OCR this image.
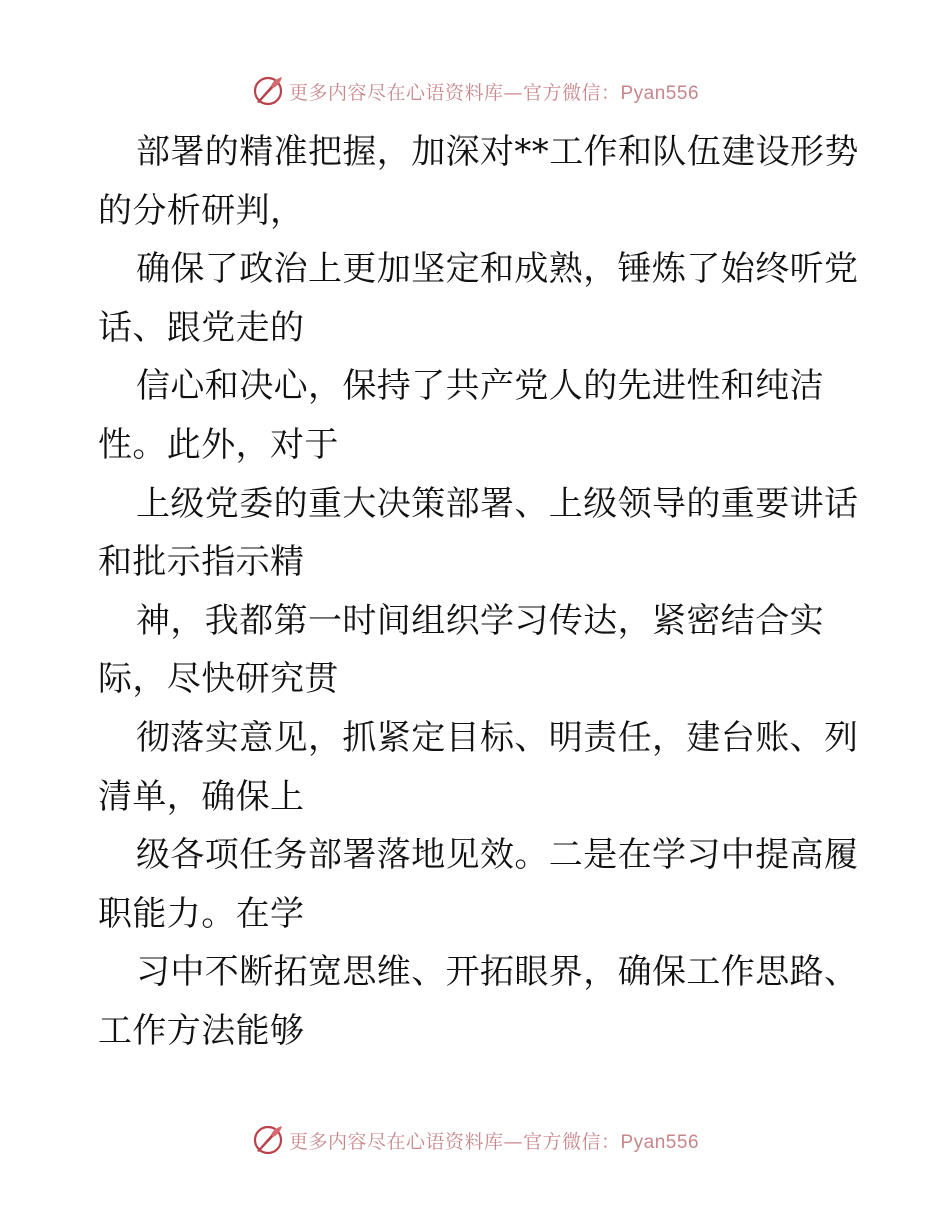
更多内容尽在心语资料库—官方微信：Pyan556
部署的精准把握，加深对**工作和队伍建设形势
的分析研判，
确保了政治上更加坚定和成熟，锤炼了始终听党
话、跟党走的
信心和决心，保持了共产党人的先进性和纯洁
性。此外，对于
上级党委的重大决策部署、上级领导的重要讲话
和批示指示精
神，我都第一时间组织学习传达，紧密结合实
际，尽快研究贯
彻落实意见，抓紧定目标、明责任，建台账、列
清单，确保上
级各项任务部署落地见效。二是在学习中提高履
职能力。在学
习中不断拓宽思维、开拓眼界，确保工作思路、
工作方法能够
更多内容尽在心语资料库—官方微信：Pyan556
